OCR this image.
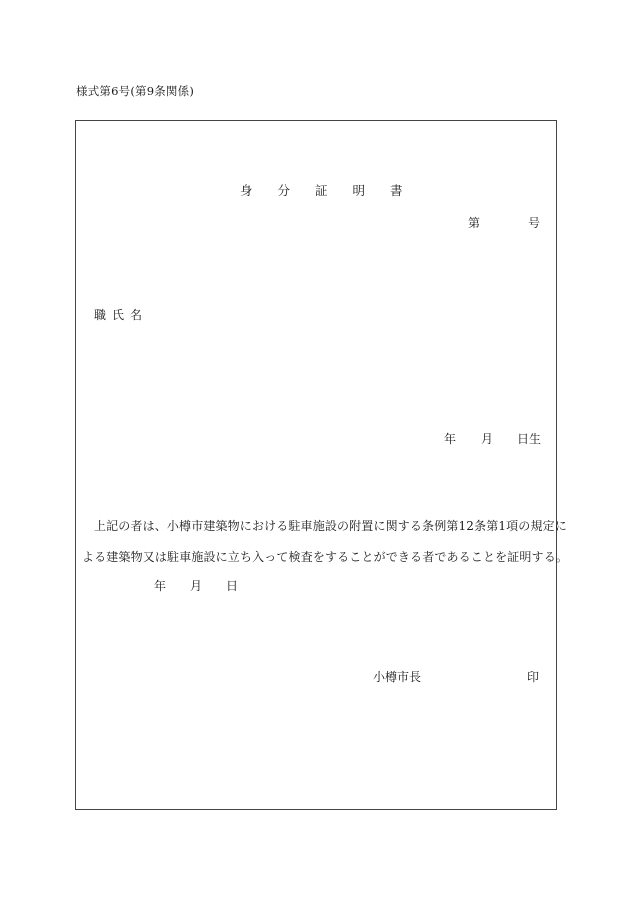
様式第6号(第9条関係)
身分証明書
第	号
職氏名
年 月 日生
上記の者は、小樽市建築物における駐車施設の附置に関する条例第12条第1項の規定に
よる建築物又は駐車施設に立ち入って検査をすることができる者であることを証明する。
年 月 日
小樽市長	印
